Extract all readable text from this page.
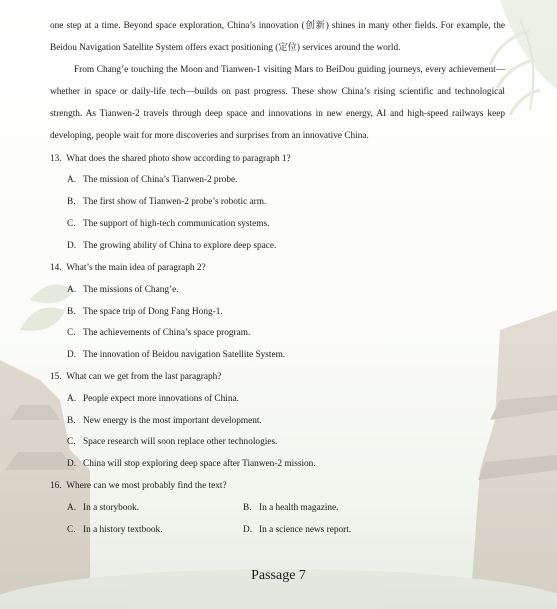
one step at a time. Beyond space exploration, China’s innovation (创新) shines in many other fields. For example, the Beidou Navigation Satellite System offers exact positioning (定位) services around the world.

From Chang’e touching the Moon and Tianwen-1 visiting Mars to BeiDou guiding journeys, every achievement—whether in space or daily-life tech—builds on past progress. These show China’s rising scientific and technological strength. As Tianwen-2 travels through deep space and innovations in new energy, AI and high-speed railways keep developing, people wait for more discoveries and surprises from an innovative China.

13.  What does the shared photo show according to paragraph 1?
A. The mission of China’s Tianwen-2 probe.
B. The first show of Tianwen-2 probe’s robotic arm.
C. The support of high-tech communication systems.
D. The growing ability of China to explore deep space.
14.  What’s the main idea of paragraph 2?
A. The missions of Chang’e.
B. The space trip of Dong Fang Hong-1.
C. The achievements of China’s space program.
D. The innovation of Beidou navigation Satellite System.
15.  What can we get from the last paragraph?
A. People expect more innovations of China.
B. New energy is the most important development.
C. Space research will soon replace other technologies.
D. China will stop exploring deep space after Tianwen-2 mission.
16.  Where can we most probably find the text?
A. In a storybook.	B. In a health magazine.
C. In a history textbook.	D. In a science news report.
Passage 7
